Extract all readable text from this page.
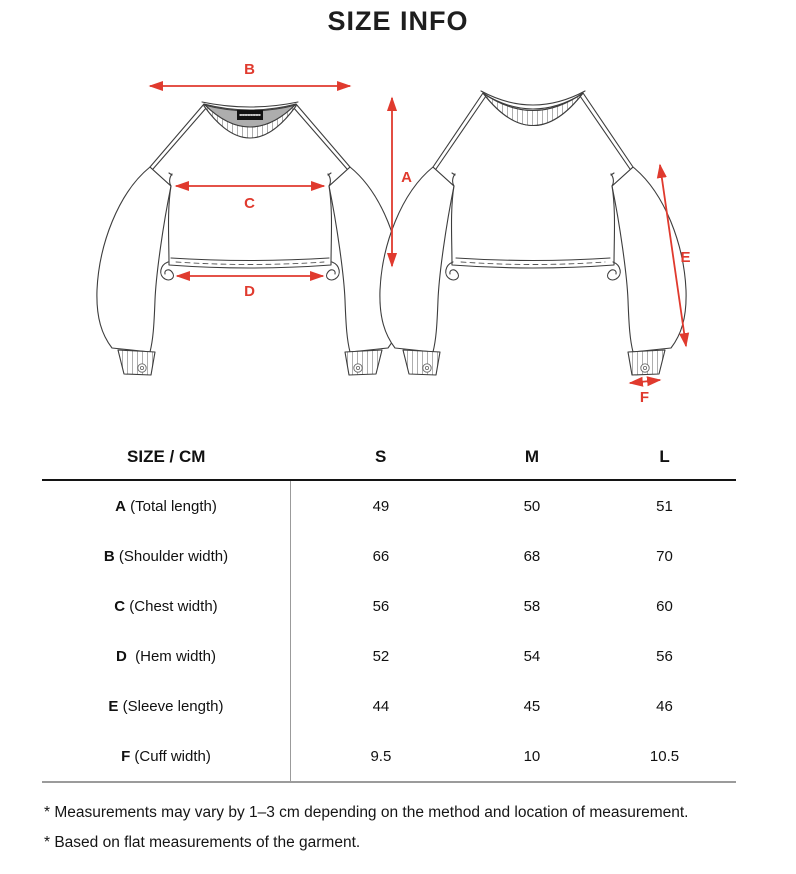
SIZE INFO
B
A
C
D
E
F
SIZE / CM	S	M	L
A (Total length)	49	50	51
B (Shoulder width)	66	68	70
C (Chest width)	56	58	60
D (Hem width)	52	54	56
E (Sleeve length)	44	45	46
F (Cuff width)	9.5	10	10.5

* Measurements may vary by 1–3 cm depending on the method and location of measurement.

* Based on flat measurements of the garment.
